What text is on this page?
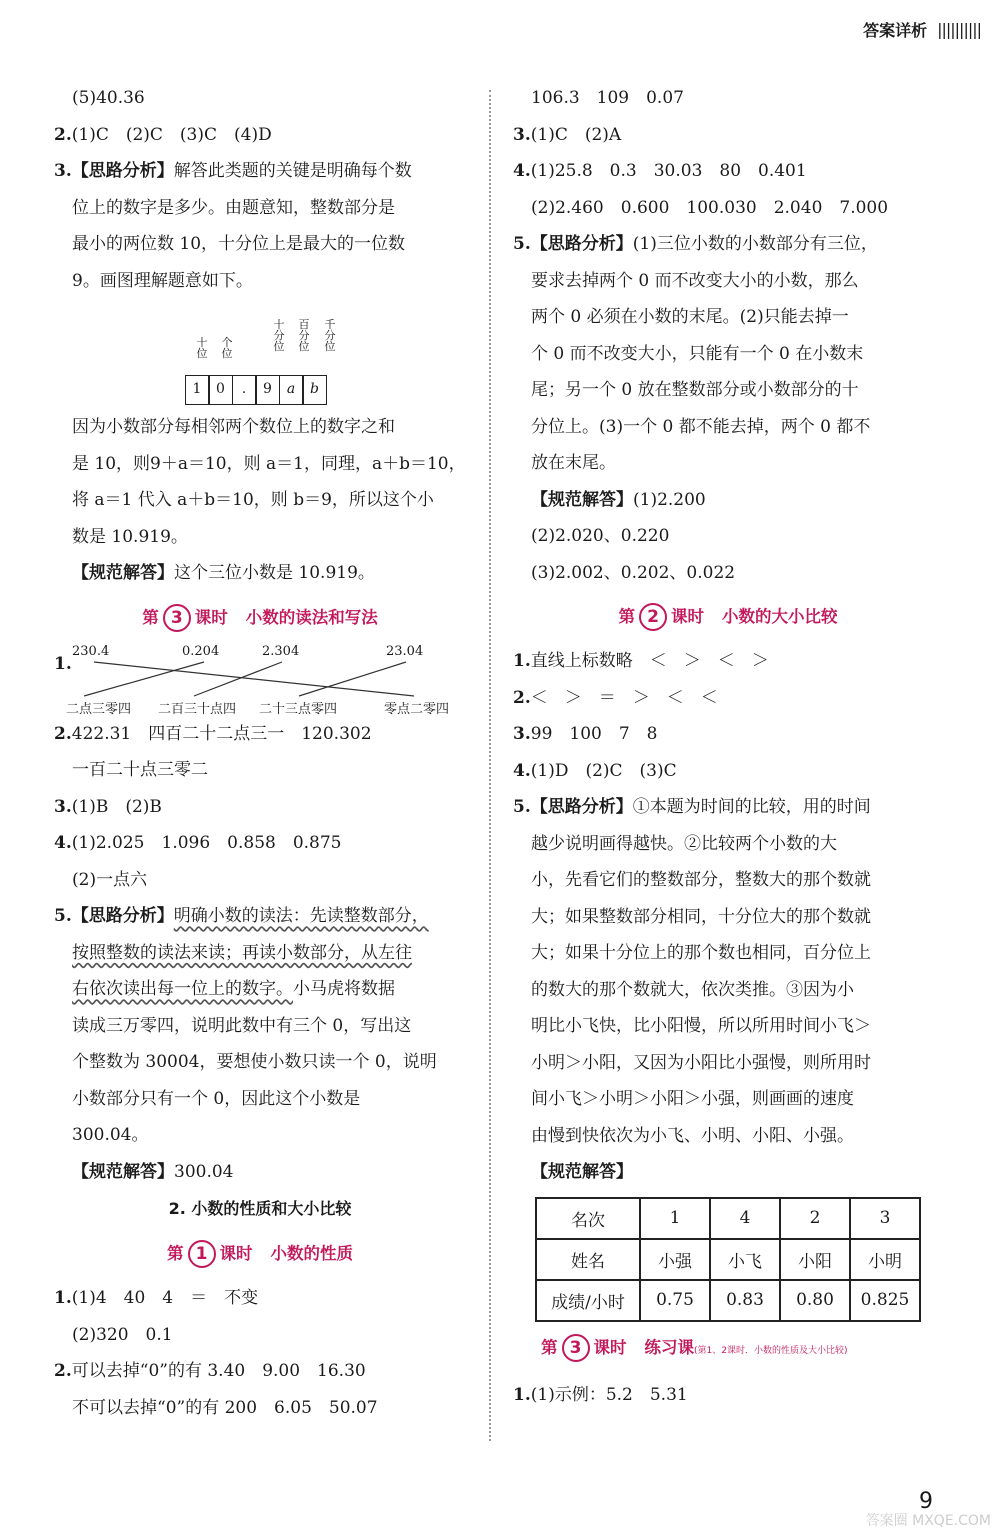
答案详析 ||||||||||
(5)40.36
2.(1)C　(2)C　(3)C　(4)D
3.【思路分析】解答此类题的关键是明确每个数
位上的数字是多少。由题意知，整数部分是
最小的两位数 10，十分位上是最大的一位数
9。画图理解题意如下。
十位
个位
十分位
百分位
千分位
1	0	.	9	a	b
因为小数部分每相邻两个数位上的数字之和
是 10，则9＋a＝10，则 a＝1，同理，a＋b＝10，
将 a＝1 代入 a＋b＝10，则 b＝9，所以这个小
数是 10.919。
【规范解答】这个三位小数是 10.919。
第 3 课时 小数的读法和写法
1.
230.4	0.204	2.304	23.04
二点三零四 二百三十点四 二十三点零四	零点二零四
2.422.31　四百二十二点三一　120.302
一百二十点三零二
3.(1)B　(2)B
4.(1)2.025　1.096　0.858　0.875
(2)一点六
5.【思路分析】明确小数的读法：先读整数部分，
按照整数的读法来读；再读小数部分，从左往
右依次读出每一位上的数字。小马虎将数据
读成三万零四，说明此数中有三个 0，写出这
个整数为 30004，要想使小数只读一个 0，说明
小数部分只有一个 0，因此这个小数是
300.04。
【规范解答】300.04
2. 小数的性质和大小比较
第 1 课时 小数的性质
1.(1)4　40　4　＝　不变
(2)320　0.1
2.可以去掉“0”的有 3.40　9.00　16.30
不可以去掉“0”的有 200　6.05　50.07
106.3　109　0.07
3.(1)C　(2)A
4.(1)25.8　0.3　30.03　80　0.401
(2)2.460　0.600　100.030　2.040　7.000
5.【思路分析】(1)三位小数的小数部分有三位，
要求去掉两个 0 而不改变大小的小数，那么
两个 0 必须在小数的末尾。(2)只能去掉一
个 0 而不改变大小，只能有一个 0 在小数末
尾；另一个 0 放在整数部分或小数部分的十
分位上。(3)一个 0 都不能去掉，两个 0 都不
放在末尾。
【规范解答】(1)2.200
(2)2.020、0.220
(3)2.002、0.202、0.022
第 2 课时 小数的大小比较
1.直线上标数略　＜　＞　＜　＞
2.＜　＞　＝　＞　＜　＜
3.99　100　7　8
4.(1)D　(2)C　(3)C
5.【思路分析】①本题为时间的比较，用的时间
越少说明画得越快。②比较两个小数的大
小，先看它们的整数部分，整数大的那个数就
大；如果整数部分相同，十分位大的那个数就
大；如果十分位上的那个数也相同，百分位上
的数大的那个数就大，依次类推。③因为小
明比小飞快，比小阳慢，所以所用时间小飞＞
小明＞小阳，又因为小阳比小强慢，则所用时
间小飞＞小明＞小阳＞小强，则画画的速度
由慢到快依次为小飞、小明、小阳、小强。
【规范解答】
名次	1	4	2	3
姓名	小强	小飞	小阳	小明
成绩/小时	0.75	0.83	0.80	0.825
第 3 课时 练习课(第1、2课时．小数的性质及大小比较)
1.(1)示例：5.2　5.31
9
答案圈 MXQE.COM
